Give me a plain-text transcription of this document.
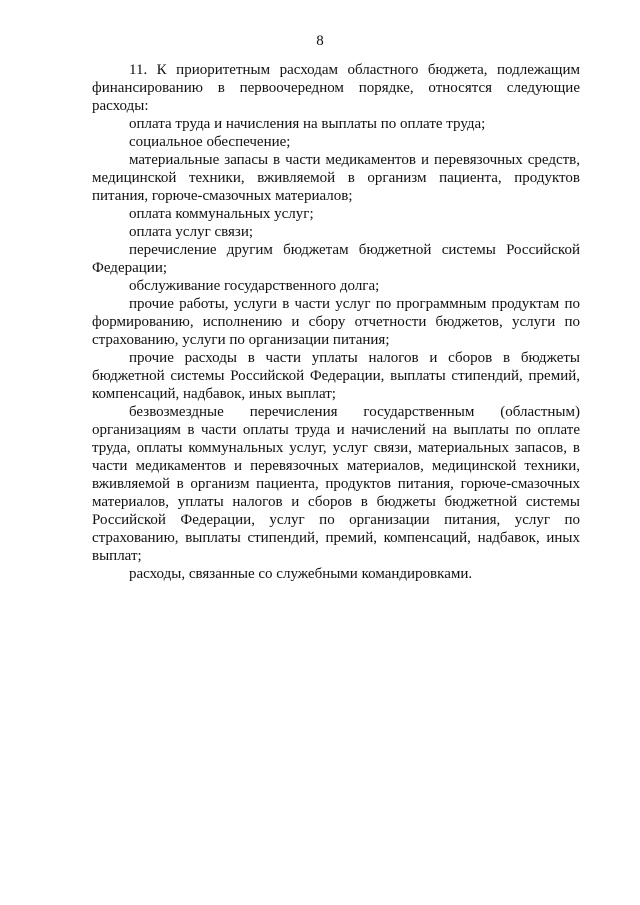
8

11. К приоритетным расходам областного бюджета, подлежащим финансированию в первоочередном порядке, относятся следующие расходы:

оплата труда и начисления на выплаты по оплате труда;

социальное обеспечение;

материальные запасы в части медикаментов и перевязочных средств, медицинской техники, вживляемой в организм пациента, продуктов питания, горюче-смазочных материалов;

оплата коммунальных услуг;

оплата услуг связи;

перечисление другим бюджетам бюджетной системы Российской Федерации;

обслуживание государственного долга;

прочие работы, услуги в части услуг по программным продуктам по формированию, исполнению и сбору отчетности бюджетов, услуги по страхованию, услуги по организации питания;

прочие расходы в части уплаты налогов и сборов в бюджеты бюджетной системы Российской Федерации, выплаты стипендий, премий, компенсаций, надбавок, иных выплат;

безвозмездные перечисления государственным (областным) организациям в части оплаты труда и начислений на выплаты по оплате труда, оплаты коммунальных услуг, услуг связи, материальных запасов, в части медикаментов и перевязочных материалов, медицинской техники, вживляемой в организм пациента, продуктов питания, горюче-смазочных материалов, уплаты налогов и сборов в бюджеты бюджетной системы Российской Федерации, услуг по организации питания, услуг по страхованию, выплаты стипендий, премий, компенсаций, надбавок, иных выплат;

расходы, связанные со служебными командировками.
